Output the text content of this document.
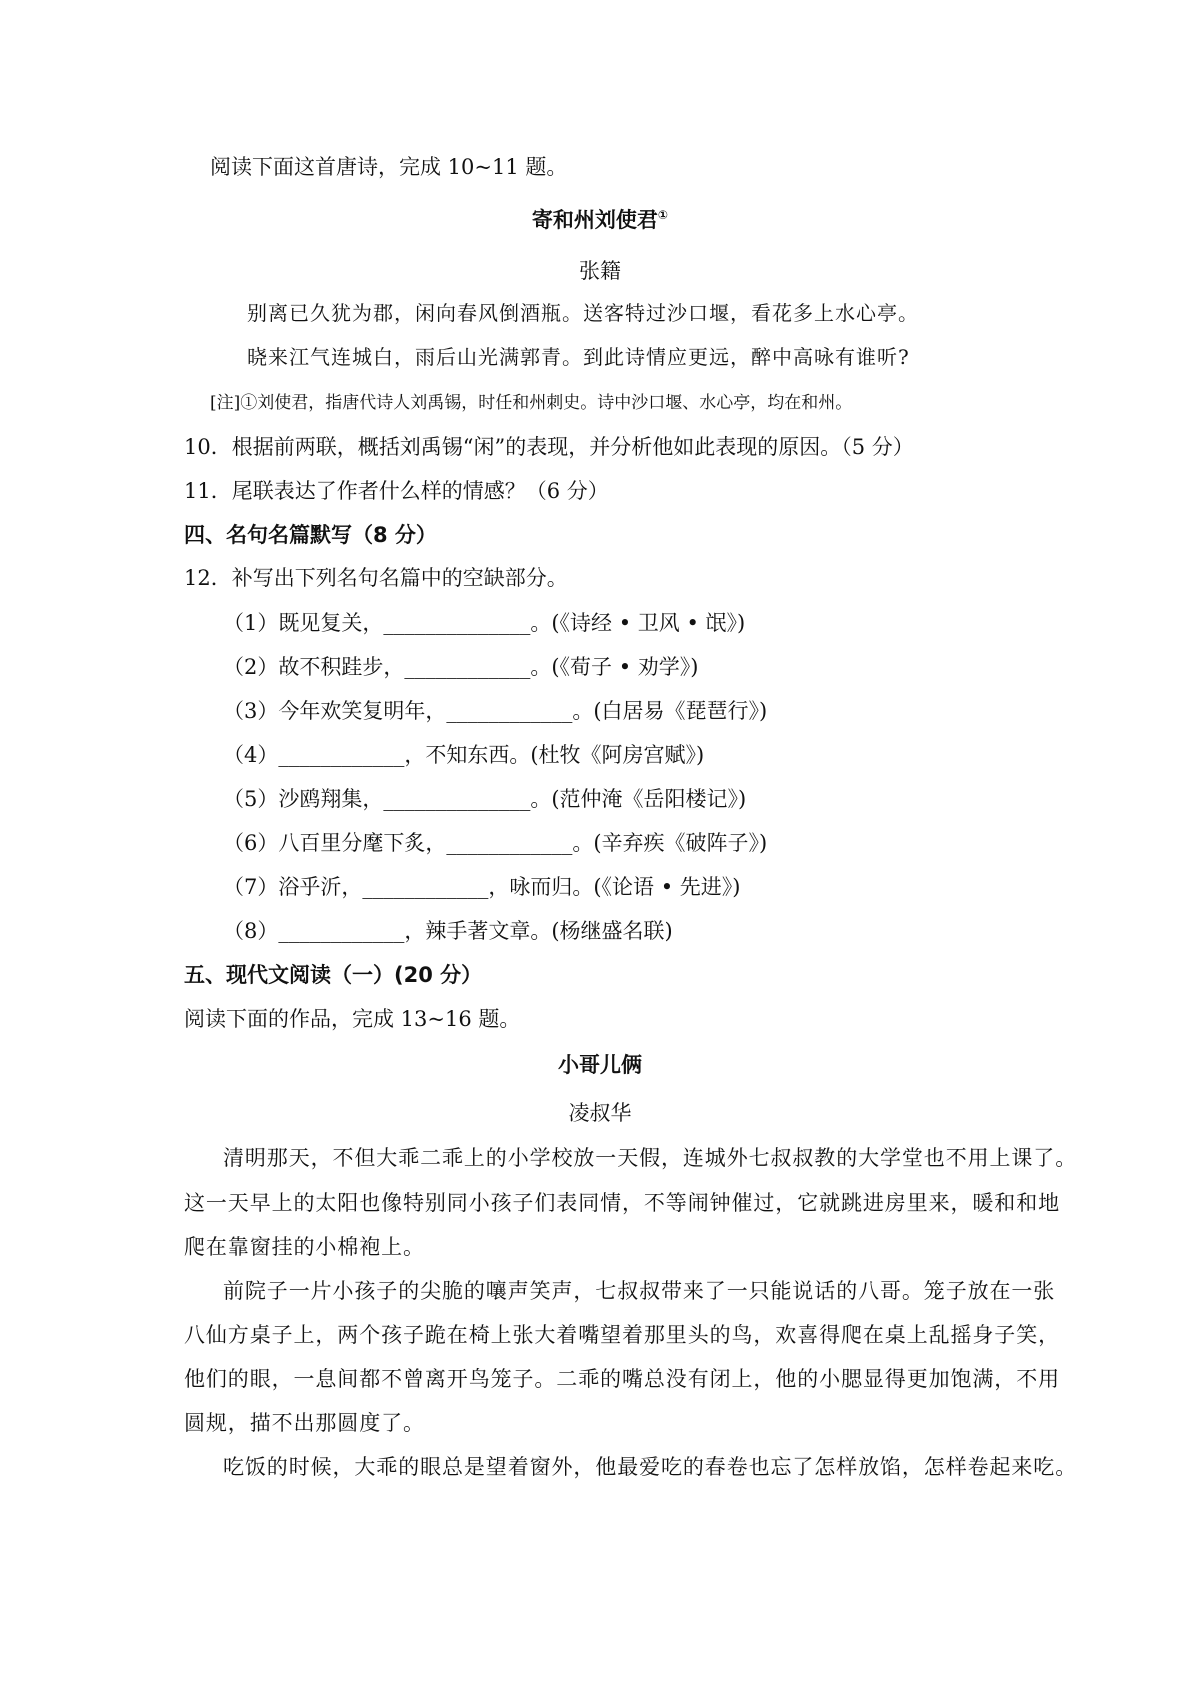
阅读下面这首唐诗，完成 10~11 题。
寄和州刘使君①
张籍
别离已久犹为郡，闲向春风倒酒瓶。送客特过沙口堰，看花多上水心亭。
晓来江气连城白，雨后山光满郭青。到此诗情应更远，醉中高咏有谁听?
[注]①刘使君，指唐代诗人刘禹锡，时任和州刺史。诗中沙口堰、水心亭，均在和州。
10．根据前两联，概括刘禹锡“闲”的表现，并分析他如此表现的原因。（5 分）
11．尾联表达了作者什么样的情感？（6 分）
四、名句名篇默写（8 分）
12．补写出下列名句名篇中的空缺部分。
（1）既见复关，______________。(《诗经 • 卫风 • 氓》)
（2）故不积跬步，____________。(《荀子 • 劝学》)
（3）今年欢笑复明年，____________。(白居易《琵琶行》)
（4）____________，不知东西。(杜牧《阿房宫赋》)
（5）沙鸥翔集，______________。(范仲淹《岳阳楼记》)
（6）八百里分麾下炙，____________。(辛弃疾《破阵子》)
（7）浴乎沂，____________，咏而归。(《论语 • 先进》)
（8）____________，辣手著文章。(杨继盛名联)
五、现代文阅读（一）(20 分）
阅读下面的作品，完成 13~16 题。
小哥儿俩
凌叔华
清明那天，不但大乖二乖上的小学校放一天假，连城外七叔叔教的大学堂也不用上课了。
这一天早上的太阳也像特别同小孩子们表同情，不等闹钟催过，它就跳进房里来，暖和和地
爬在靠窗挂的小棉袍上。
前院子一片小孩子的尖脆的嚷声笑声，七叔叔带来了一只能说话的八哥。笼子放在一张
八仙方桌子上，两个孩子跪在椅上张大着嘴望着那里头的鸟，欢喜得爬在桌上乱摇身子笑，
他们的眼，一息间都不曾离开鸟笼子。二乖的嘴总没有闭上，他的小腮显得更加饱满，不用
圆规，描不出那圆度了。
吃饭的时候，大乖的眼总是望着窗外，他最爱吃的春卷也忘了怎样放馅，怎样卷起来吃。
